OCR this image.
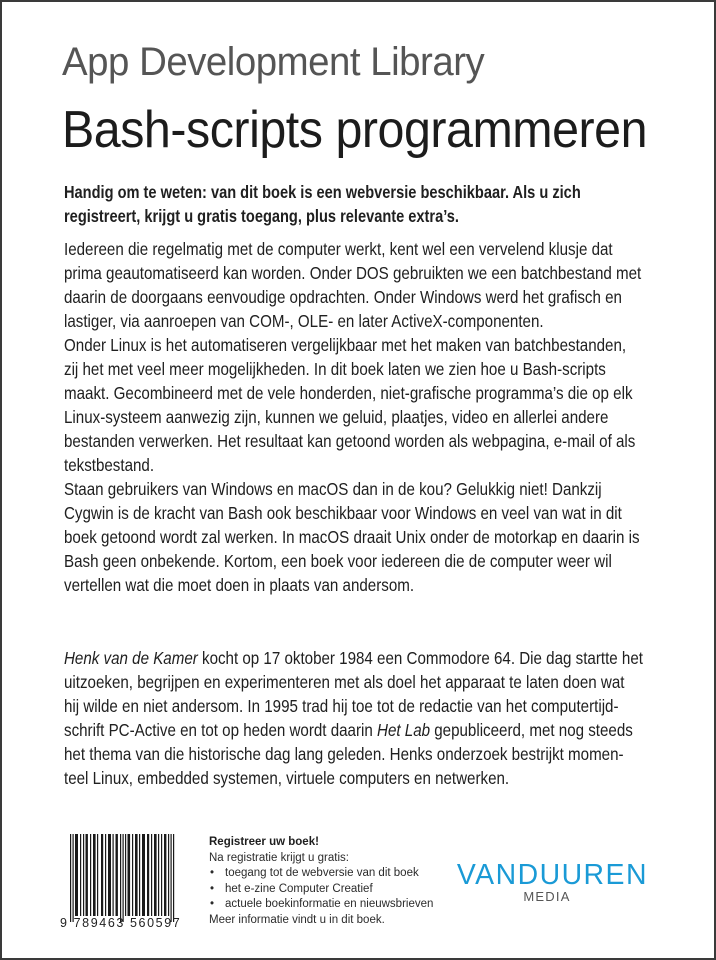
App Development Library
Bash-scripts programmeren

Handig om te weten: van dit boek is een webversie beschikbaar. Als u zich

registreert, krijgt u gratis toegang, plus relevante extra’s.

Iedereen die regelmatig met de computer werkt, kent wel een vervelend klusje dat

prima geautomatiseerd kan worden. Onder DOS gebruikten we een batchbestand met

daarin de doorgaans eenvoudige opdrachten. Onder Windows werd het grafisch en

lastiger, via aanroepen van COM-, OLE- en later ActiveX-componenten.

Onder Linux is het automatiseren vergelijkbaar met het maken van batchbestanden,

zij het met veel meer mogelijkheden. In dit boek laten we zien hoe u Bash-scripts

maakt. Gecombineerd met de vele honderden, niet-grafische programma’s die op elk

Linux-systeem aanwezig zijn, kunnen we geluid, plaatjes, video en allerlei andere

bestanden verwerken. Het resultaat kan getoond worden als webpagina, e-mail of als

tekstbestand.

Staan gebruikers van Windows en macOS dan in de kou? Gelukkig niet! Dankzij

Cygwin is de kracht van Bash ook beschikbaar voor Windows en veel van wat in dit

boek getoond wordt zal werken. In macOS draait Unix onder de motorkap en daarin is

Bash geen onbekende. Kortom, een boek voor iedereen die de computer weer wil

vertellen wat die moet doen in plaats van andersom.

Henk van de Kamer kocht op 17 oktober 1984 een Commodore 64. Die dag startte het

uitzoeken, begrijpen en experimenteren met als doel het apparaat te laten doen wat

hij wilde en niet andersom. In 1995 trad hij toe tot de redactie van het computertijd-

schrift PC-Active en tot op heden wordt daarin Het Lab gepubliceerd, met nog steeds

het thema van die historische dag lang geleden. Henks onderzoek bestrijkt momen-

teel Linux, embedded systemen, virtuele computers en netwerken.

9 789463 560597
Registreer uw boek!
Na registratie krijgt u gratis:
• toegang tot de webversie van dit boek
• het e-zine Computer Creatief
• actuele boekinformatie en nieuwsbrieven
Meer informatie vindt u in dit boek.
VANDUUREN
MEDIA
